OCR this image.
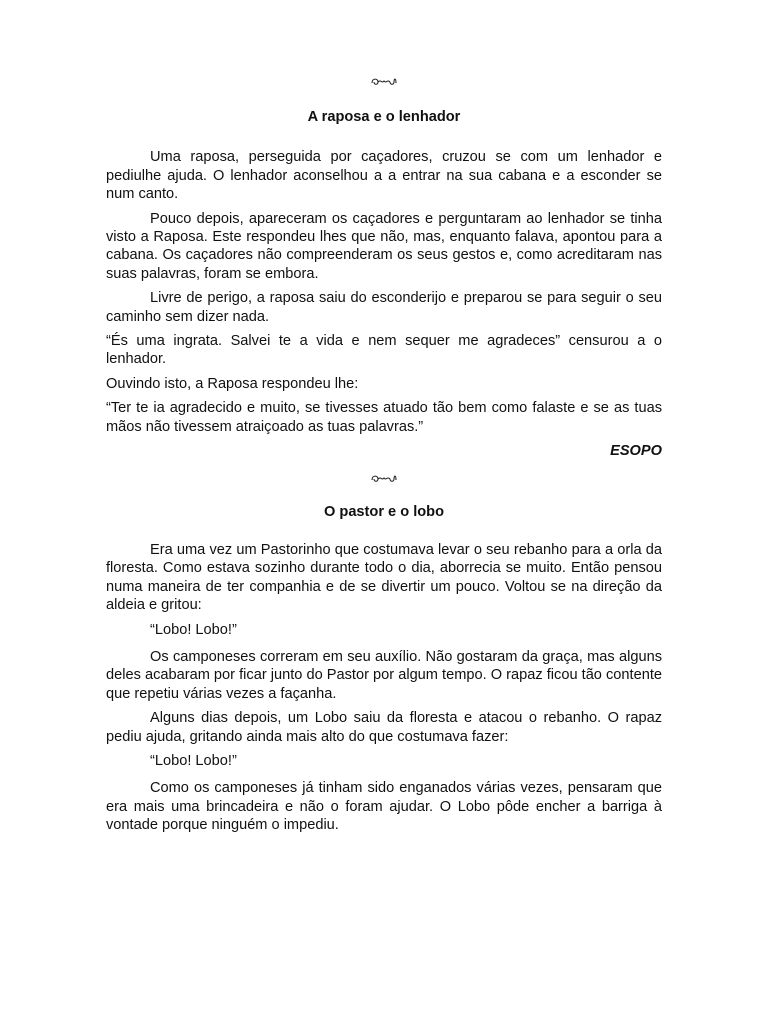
A raposa e o lenhador

Uma raposa, perseguida por caçadores, cruzou se com um lenhador e pediulhe ajuda. O lenhador aconselhou a a entrar na sua cabana e a esconder se num canto.

Pouco depois, apareceram os caçadores e perguntaram ao lenhador se tinha visto a Raposa. Este respondeu lhes que não, mas, enquanto falava, apontou para a cabana. Os caçadores não compreenderam os seus gestos e, como acreditaram nas suas palavras, foram se embora.

Livre de perigo, a raposa saiu do esconderijo e preparou se para seguir o seu caminho sem dizer nada.

“És uma ingrata. Salvei te a vida e nem sequer me agradeces” censurou a o lenhador.

Ouvindo isto, a Raposa respondeu lhe:

“Ter te ia agradecido e muito, se tivesses atuado tão bem como falaste e se as tuas mãos não tivessem atraiçoado as tuas palavras.”

ESOPO
O pastor e o lobo

Era uma vez um Pastorinho que costumava levar o seu rebanho para a orla da floresta. Como estava sozinho durante todo o dia, aborrecia se muito. Então pensou numa maneira de ter companhia e de se divertir um pouco. Voltou se na direção da aldeia e gritou:

“Lobo! Lobo!”

Os camponeses correram em seu auxílio. Não gostaram da graça, mas alguns deles acabaram por ficar junto do Pastor por algum tempo. O rapaz ficou tão contente que repetiu várias vezes a façanha.

Alguns dias depois, um Lobo saiu da floresta e atacou o rebanho. O rapaz pediu ajuda, gritando ainda mais alto do que costumava fazer:

“Lobo! Lobo!”

Como os camponeses já tinham sido enganados várias vezes, pensaram que era mais uma brincadeira e não o foram ajudar. O Lobo pôde encher a barriga à vontade porque ninguém o impediu.
